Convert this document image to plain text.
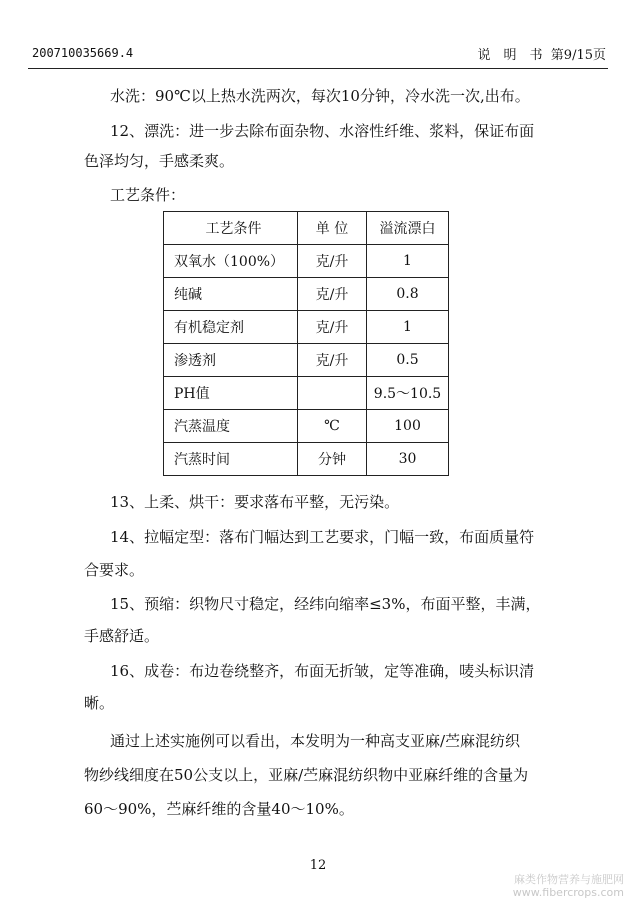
200710035669.4	说　明　书 第9/15页
水洗：90℃以上热水洗两次，每次10分钟，冷水洗一次,出布。
12、漂洗：进一步去除布面杂物、水溶性纤维、浆料，保证布面
色泽均匀，手感柔爽。
工艺条件：
工艺条件	单 位	溢流漂白
双氧水（100%）	克/升	1
纯碱	克/升	0.8
有机稳定剂	克/升	1
渗透剂	克/升	0.5
PH值		9.5～10.5
汽蒸温度	℃	100
汽蒸时间	分钟	30
13、上柔、烘干：要求落布平整，无污染。
14、拉幅定型：落布门幅达到工艺要求，门幅一致，布面质量符
合要求。
15、预缩：织物尺寸稳定，经纬向缩率≤3%，布面平整，丰满，
手感舒适。
16、成卷：布边卷绕整齐，布面无折皱，定等准确，唛头标识清
晰。
通过上述实施例可以看出，本发明为一种高支亚麻/苎麻混纺织
物纱线细度在50公支以上，亚麻/苎麻混纺织物中亚麻纤维的含量为
60～90%，苎麻纤维的含量40～10%。
12
麻类作物营养与施肥网
www.fibercrops.com
